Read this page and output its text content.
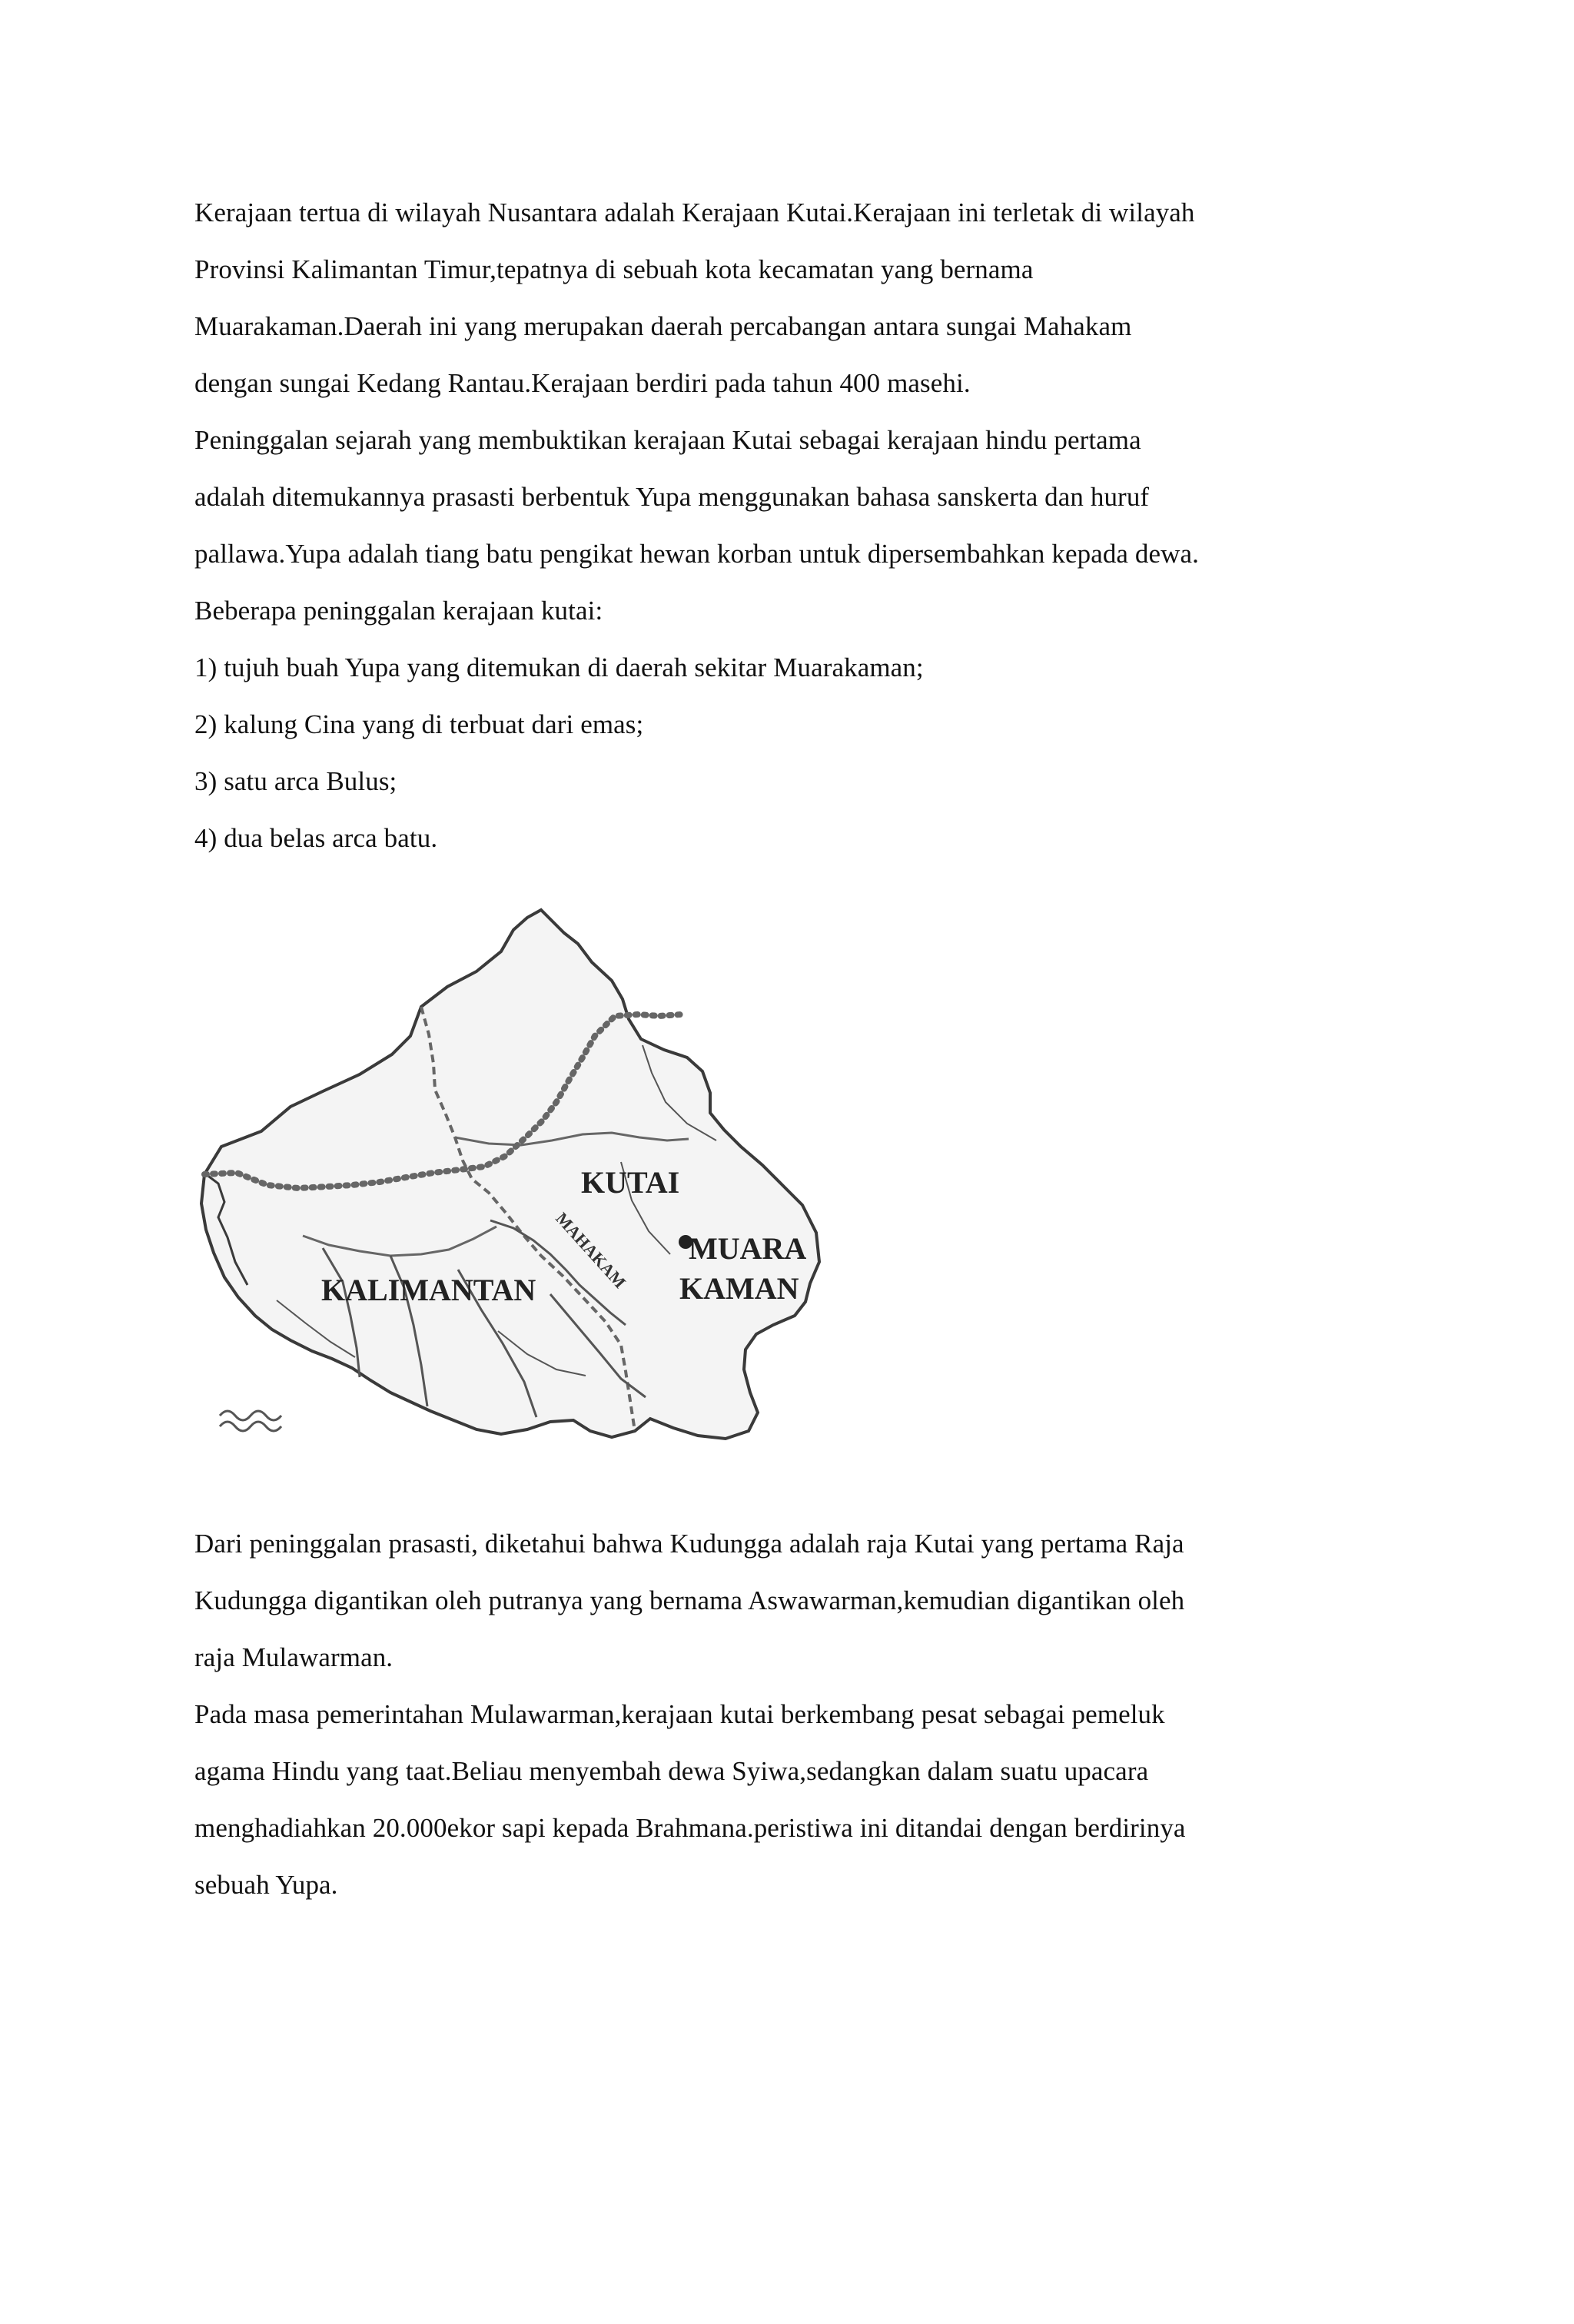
Kerajaan tertua di wilayah Nusantara adalah Kerajaan Kutai.Kerajaan ini terletak di wilayah

Provinsi Kalimantan Timur,tepatnya di sebuah kota kecamatan yang bernama

Muarakaman.Daerah ini yang merupakan daerah percabangan antara sungai Mahakam

dengan sungai Kedang Rantau.Kerajaan berdiri pada tahun 400 masehi.

Peninggalan sejarah yang membuktikan kerajaan Kutai sebagai kerajaan hindu pertama

adalah ditemukannya prasasti berbentuk Yupa menggunakan bahasa sanskerta dan huruf

pallawa.Yupa adalah tiang batu pengikat hewan korban untuk dipersembahkan kepada dewa.

Beberapa peninggalan kerajaan kutai:

1) tujuh buah Yupa yang ditemukan di daerah sekitar Muarakaman;

2) kalung Cina yang di terbuat dari emas;

3) satu arca Bulus;

4) dua belas arca batu.

KUTAI
MUARA
KAMAN
KALIMANTAN MAHAKAM

Dari peninggalan prasasti, diketahui bahwa Kudungga adalah raja Kutai yang pertama Raja

Kudungga digantikan oleh putranya yang bernama Aswawarman,kemudian digantikan oleh

raja Mulawarman.

Pada masa pemerintahan Mulawarman,kerajaan kutai berkembang pesat sebagai pemeluk

agama Hindu yang taat.Beliau menyembah dewa Syiwa,sedangkan dalam suatu upacara

menghadiahkan 20.000ekor sapi kepada Brahmana.peristiwa ini ditandai dengan berdirinya

sebuah Yupa.
